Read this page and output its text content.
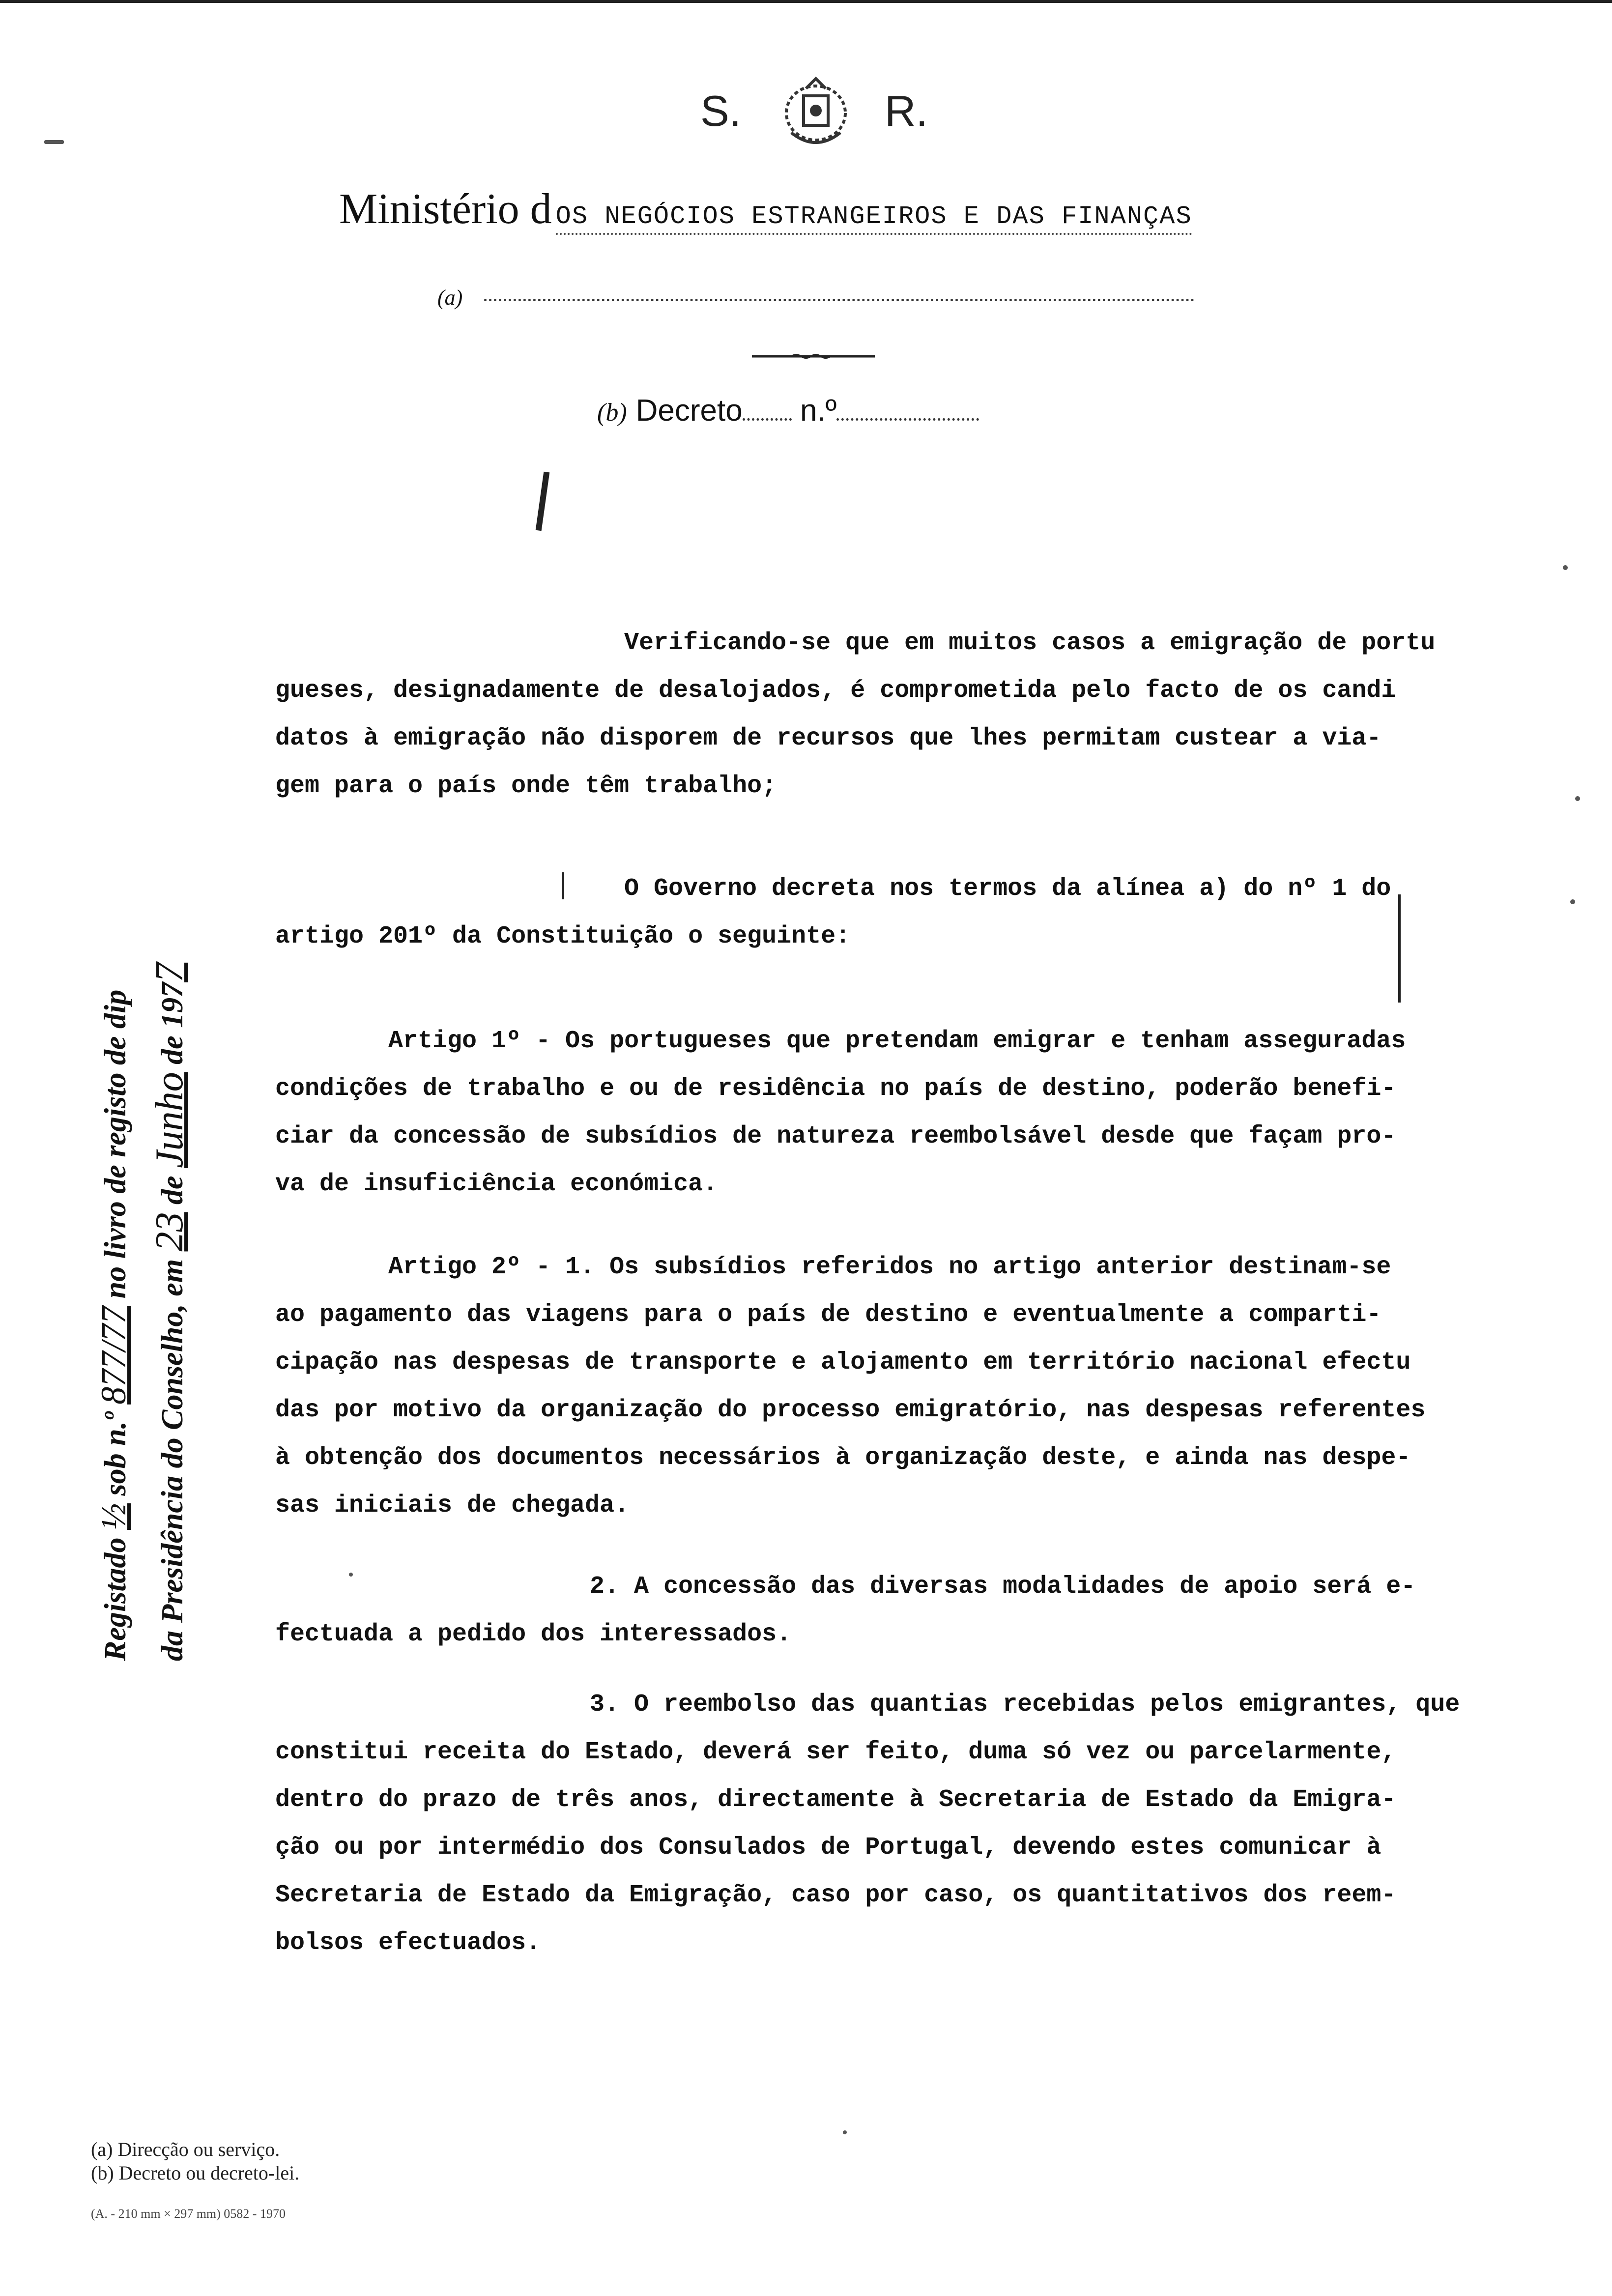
S.	R.
Ministério d OS NEGÓCIOS ESTRANGEIROS E DAS FINANÇAS
(a)
(b) Decreto n.º
Verificando-se que em muitos casos a emigração de portu
gueses, designadamente de desalojados, é comprometida pelo facto de os candi
datos à emigração não disporem de recursos que lhes permitam custear a via-
gem para o país onde têm trabalho;
O Governo decreta nos termos da alínea a) do nº 1 do
artigo 201º da Constituição o seguinte:
Artigo 1º - Os portugueses que pretendam emigrar e tenham asseguradas
condições de trabalho e ou de residência no país de destino, poderão benefi-
ciar da concessão de subsídios de natureza reembolsável desde que façam pro-
va de insuficiência económica.
Artigo 2º - 1. Os subsídios referidos no artigo anterior destinam-se
ao pagamento das viagens para o país de destino e eventualmente a comparti-
cipação nas despesas de transporte e alojamento em território nacional efectu
das por motivo da organização do processo emigratório, nas despesas referentes
à obtenção dos documentos necessários à organização deste, e ainda nas despe-
sas iniciais de chegada.
2. A concessão das diversas modalidades de apoio será e-
fectuada a pedido dos interessados.
3. O reembolso das quantias recebidas pelos emigrantes, que
constitui receita do Estado, deverá ser feito, duma só vez ou parcelarmente,
dentro do prazo de três anos, directamente à Secretaria de Estado da Emigra-
ção ou por intermédio dos Consulados de Portugal, devendo estes comunicar à
Secretaria de Estado da Emigração, caso por caso, os quantitativos dos reem-
bolsos efectuados.
Registado ½ sob n.º 877/77 no livro de registo de dip
da Presidência do Conselho, em 23 de Junho de 1977
(a) Direcção ou serviço.
(b) Decreto ou decreto-lei.
(A. - 210 mm × 297 mm) 0582 - 1970
